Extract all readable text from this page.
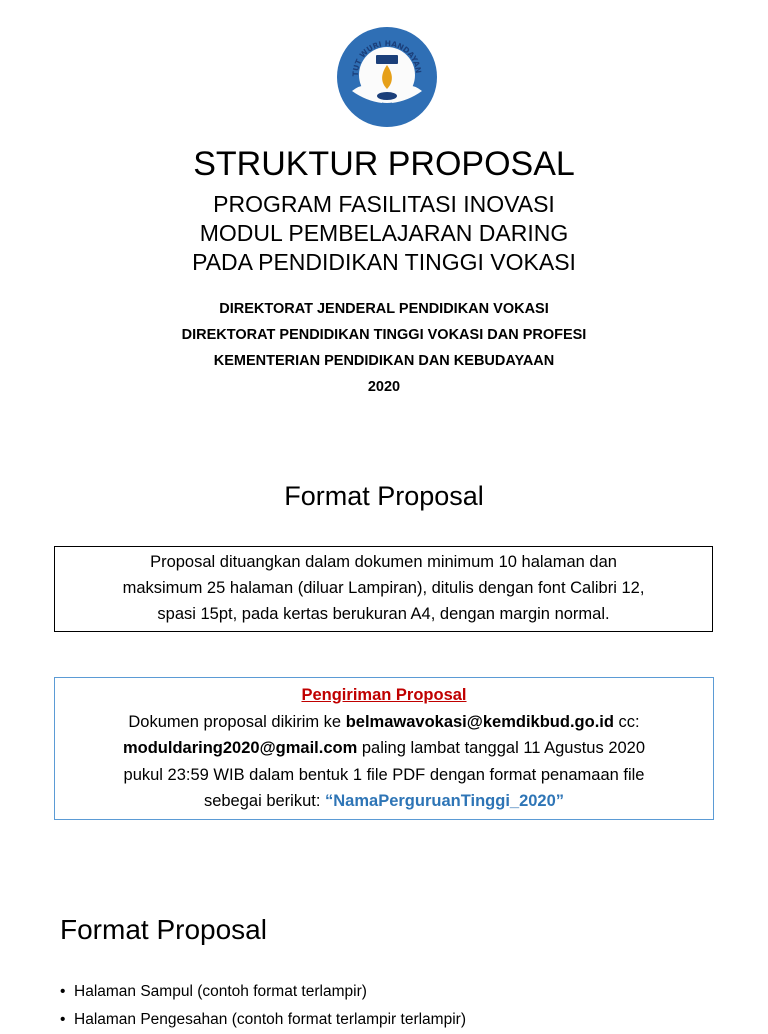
TUT WURI HANDAYAN
STRUKTUR PROPOSAL
PROGRAM FASILITASI INOVASI
MODUL PEMBELAJARAN DARING
PADA PENDIDIKAN TINGGI VOKASI
DIREKTORAT JENDERAL PENDIDIKAN VOKASI
DIREKTORAT PENDIDIKAN TINGGI VOKASI DAN PROFESI
KEMENTERIAN PENDIDIKAN DAN KEBUDAYAAN
2020
Format Proposal
Proposal dituangkan dalam dokumen minimum 10 halaman dan
maksimum 25 halaman (diluar Lampiran), ditulis dengan font Calibri 12,
spasi 15pt, pada kertas berukuran A4, dengan margin normal.
Pengiriman Proposal
Dokumen proposal dikirim ke belmawavokasi@kemdikbud.go.id cc:
moduldaring2020@gmail.com paling lambat tanggal 11 Agustus 2020
pukul 23:59 WIB dalam bentuk 1 file PDF dengan format penamaan file
sebegai berikut: “NamaPerguruanTinggi_2020”
Format Proposal
• Halaman Sampul (contoh format terlampir)
• Halaman Pengesahan (contoh format terlampir terlampir)
